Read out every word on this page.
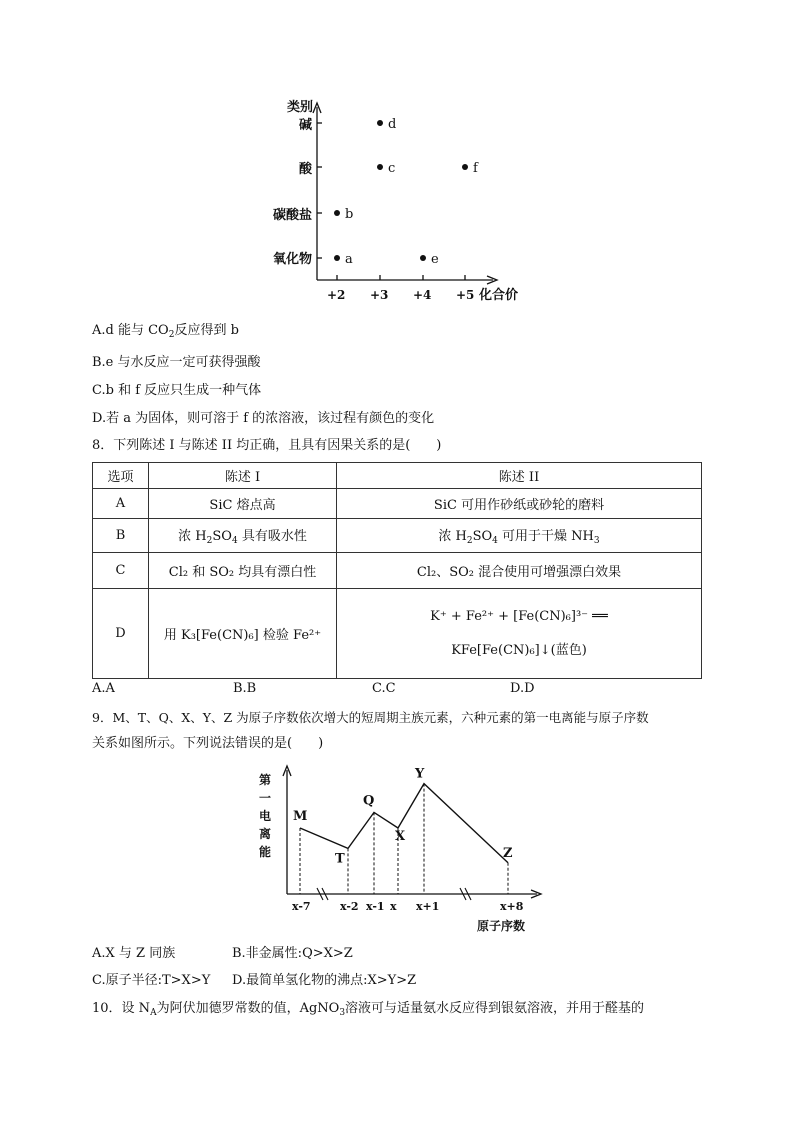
类别
碱
酸
碳酸盐
氧化物
+2 +3 +4 +5 化合价
d
c	f
b
a	e
A.d 能与 $CO_2$反应得到 b
B.e 与水反应一定可获得强酸
C.b 和 f 反应只生成一种气体
D.若 a 为固体，则可溶于 f 的浓溶液，该过程有颜色的变化
8．下列陈述 I 与陈述 II 均正确，且具有因果关系的是(　　)
选项	陈述 I	陈述 II
A	SiC 熔点高	SiC 可用作砂纸或砂轮的磨料
B	浓 $H_2SO_4$ 具有吸水性	浓 $H_2SO_4$ 可用于干燥 $NH_3$
C	Cl₂ 和 SO₂ 均具有漂白性	Cl₂、SO₂ 混合使用可增强漂白效果
D	用 K₃[Fe(CN)₆] 检验 Fe²⁺	K⁺ + Fe²⁺ + [Fe(CN)₆]³⁻ ══
KFe[Fe(CN)₆]↓(蓝色)
A.A	B.B	C.C	D.D
9．M、T、Q、X、Y、Z 为原子序数依次增大的短周期主族元素，六种元素的第一电离能与原子序数
关系如图所示。下列说法错误的是(　　)
M
x-7
T
x-2
Q
x-1
X
x
Y
x+1
Z
x+8
第
一
电
离
能
原子序数
A.X 与 Z 同族	B.非金属性:Q>X>Z
C.原子半径:T>X>Y D.最简单氢化物的沸点:X>Y>Z
10．设 $N_A$为阿伏加德罗常数的值，AgNO$_3$溶液可与适量氨水反应得到银氨溶液，并用于醛基的
